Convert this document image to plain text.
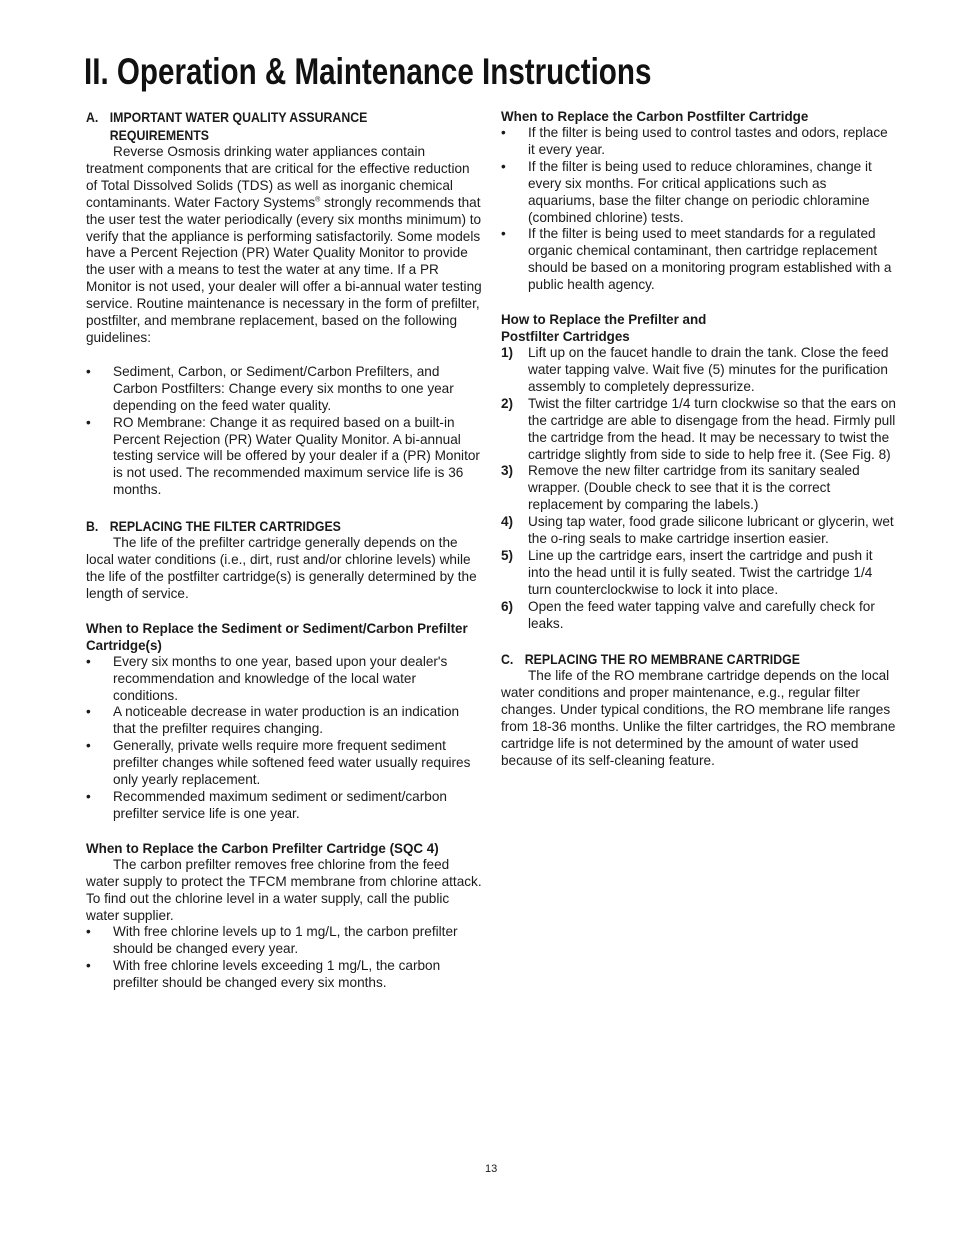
II. Operation & Maintenance Instructions
A. IMPORTANT WATER QUALITY ASSURANCE
REQUIREMENTS

Reverse Osmosis drinking water appliances contain treatment components that are critical for the effective reduction of Total Dissolved Solids (TDS) as well as inorganic chemical contaminants. Water Factory Systems® strongly recommends that the user test the water periodically (every six months minimum) to verify that the appliance is performing satisfactorily. Some models have a Percent Rejection (PR) Water Quality Monitor to provide the user with a means to test the water at any time. If a PR Monitor is not used, your dealer will offer a bi-annual water testing service. Routine maintenance is necessary in the form of prefilter, postfilter, and membrane replacement, based on the following guidelines:

• Sediment, Carbon, or Sediment/Carbon Prefilters, and Carbon Postfilters: Change every six months to one year depending on the feed water quality.
• RO Membrane: Change it as required based on a built-in Percent Rejection (PR) Water Quality Monitor. A bi-annual testing service will be offered by your dealer if a (PR) Monitor is not used. The recommended maximum service life is 36 months.
B. REPLACING THE FILTER CARTRIDGES

The life of the prefilter cartridge generally depends on the local water conditions (i.e., dirt, rust and/or chlorine levels) while the life of the postfilter cartridge(s) is generally determined by the length of service.

When to Replace the Sediment or Sediment/Carbon Prefilter Cartridge(s)

• Every six months to one year, based upon your dealer's recommendation and knowledge of the local water conditions.
• A noticeable decrease in water production is an indication that the prefilter requires changing.
• Generally, private wells require more frequent sediment prefilter changes while softened feed water usually requires only yearly replacement.
• Recommended maximum sediment or sediment/carbon prefilter service life is one year.

When to Replace the Carbon Prefilter Cartridge (SQC 4)

The carbon prefilter removes free chlorine from the feed water supply to protect the TFCM membrane from chlorine attack. To find out the chlorine level in a water supply, call the public water supplier.

• With free chlorine levels up to 1 mg/L, the carbon prefilter should be changed every year.
• With free chlorine levels exceeding 1 mg/L, the carbon prefilter should be changed every six months.

When to Replace the Carbon Postfilter Cartridge

• If the filter is being used to control tastes and odors, replace it every year.
• If the filter is being used to reduce chloramines, change it every six months. For critical applications such as aquariums, base the filter change on periodic chloramine (combined chlorine) tests.
• If the filter is being used to meet standards for a regulated organic chemical contaminant, then cartridge replacement should be based on a monitoring program established with a public health agency.

How to Replace the Prefilter and
Postfilter Cartridges

1)	Lift up on the faucet handle to drain the tank. Close the feed water tapping valve. Wait five (5) minutes for the purification assembly to completely depressurize.
2)	Twist the filter cartridge 1/4 turn clockwise so that the ears on the cartridge are able to disengage from the head. Firmly pull the cartridge from the head. It may be necessary to twist the cartridge slightly from side to side to help free it. (See Fig. 8)
3)	Remove the new filter cartridge from its sanitary sealed wrapper. (Double check to see that it is the correct replacement by comparing the labels.)
4)	Using tap water, food grade silicone lubricant or glycerin, wet the o-ring seals to make cartridge insertion easier.
5)	Line up the cartridge ears, insert the cartridge and push it into the head until it is fully seated. Twist the cartridge 1/4 turn counterclockwise to lock it into place.
6)	Open the feed water tapping valve and carefully check for leaks.
C. REPLACING THE RO MEMBRANE CARTRIDGE

The life of the RO membrane cartridge depends on the local water conditions and proper maintenance, e.g., regular filter changes. Under typical conditions, the RO membrane life ranges from 18-36 months. Unlike the filter cartridges, the RO membrane cartridge life is not determined by the amount of water used because of its self-cleaning feature.

13
